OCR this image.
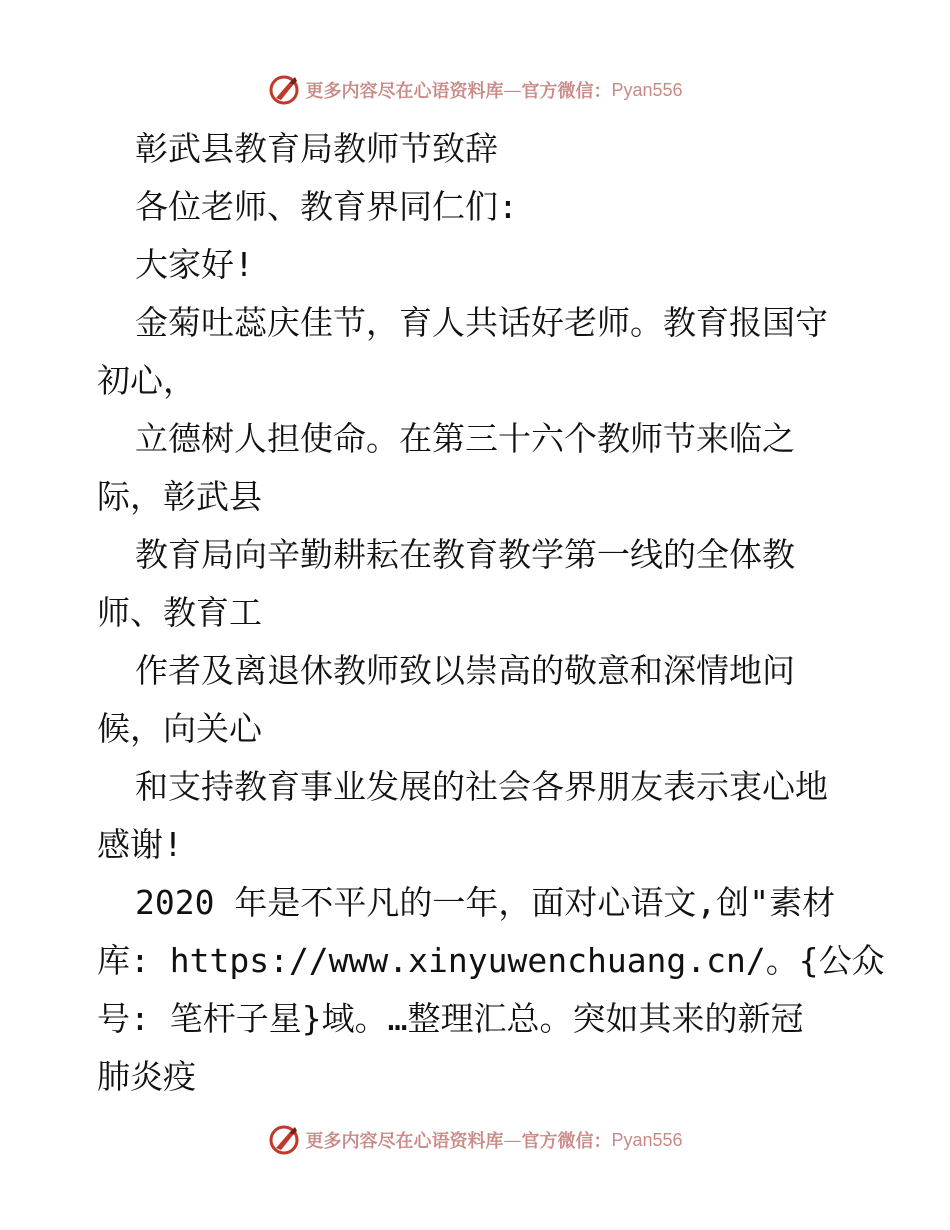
更多内容尽在心语资料库 — 官方微信： Pyan556
彰武县教育局教师节致辞
各位老师、教育界同仁们:
大家好!
金菊吐蕊庆佳节，育人共话好老师。教育报国守
初心，
立德树人担使命。在第三十六个教师节来临之
际，彰武县
教育局向辛勤耕耘在教育教学第一线的全体教
师、教育工
作者及离退休教师致以崇高的敬意和深情地问
候，向关心
和支持教育事业发展的社会各界朋友表示衷心地
感谢!
2020 年是不平凡的一年，面对心语文,创"素材
库: https://www.xinyuwenchuang.cn/。{公众
号: 笔杆子星}域。…整理汇总。突如其来的新冠
肺炎疫
更多内容尽在心语资料库 — 官方微信： Pyan556
